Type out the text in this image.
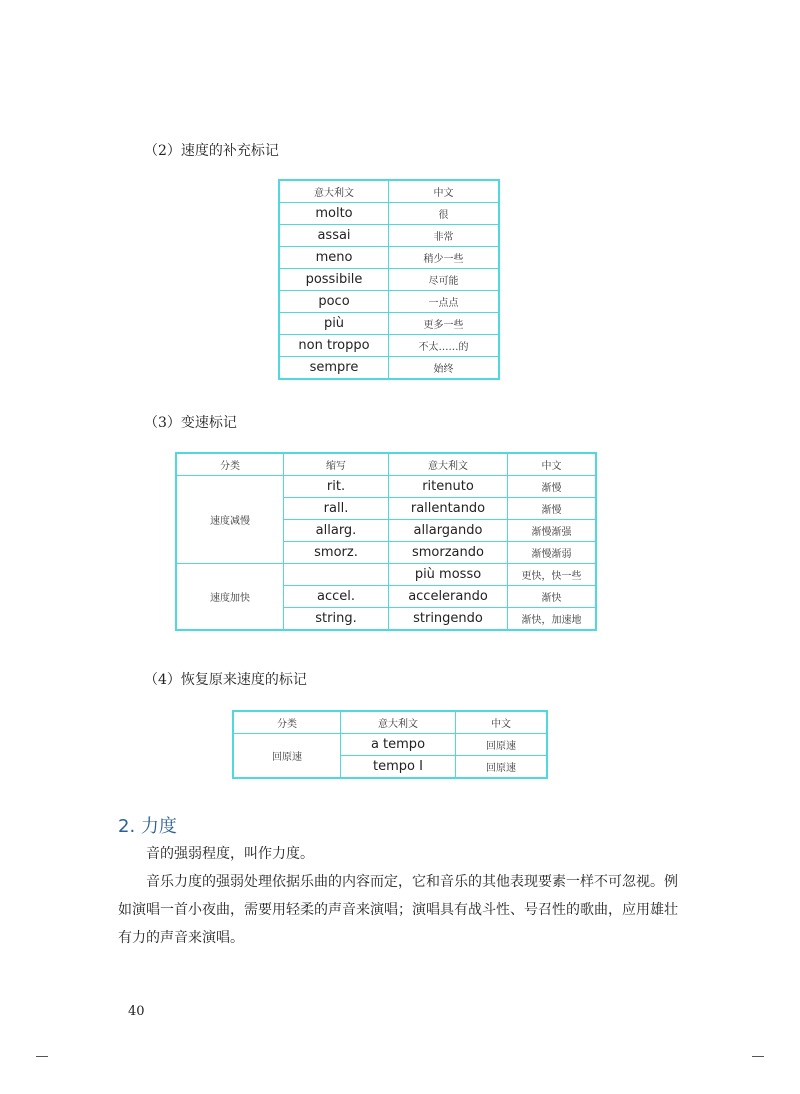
（2）速度的补充标记

意大利文	中文
molto	很
assai	非常
meno	稍少一些
possibile	尽可能
poco	一点点
più	更多一些
non troppo	不太……的
sempre	始终

（3）变速标记

分类	缩写	意大利文	中文
速度减慢	rit.	ritenuto	渐慢
	rall.	rallentando	渐慢
	allarg.	allargando	渐慢渐强
	smorz.	smorzando	渐慢渐弱
速度加快		più mosso	更快，快一些
	accel.	accelerando	渐快
	string.	stringendo	渐快，加速地

（4）恢复原来速度的标记

分类	意大利文	中文
回原速	a tempo	回原速
	tempo I	回原速
2. 力度

音的强弱程度，叫作力度。

音乐力度的强弱处理依据乐曲的内容而定，它和音乐的其他表现要素一样不可忽视。例如演唱一首小夜曲，需要用轻柔的声音来演唱；演唱具有战斗性、号召性的歌曲，应用雄壮有力的声音来演唱。

40
